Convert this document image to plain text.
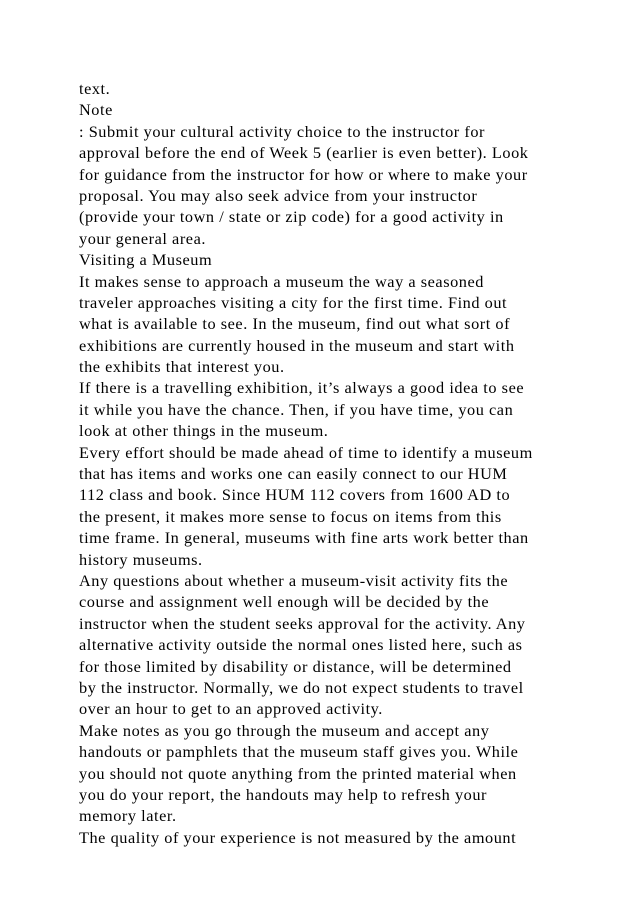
text.
Note
: Submit your cultural activity choice to the instructor for
approval before the end of Week 5 (earlier is even better). Look
for guidance from the instructor for how or where to make your
proposal. You may also seek advice from your instructor
(provide your town / state or zip code) for a good activity in
your general area.
Visiting a Museum
It makes sense to approach a museum the way a seasoned
traveler approaches visiting a city for the first time. Find out
what is available to see. In the museum, find out what sort of
exhibitions are currently housed in the museum and start with
the exhibits that interest you.
If there is a travelling exhibition, it’s always a good idea to see
it while you have the chance. Then, if you have time, you can
look at other things in the museum.
Every effort should be made ahead of time to identify a museum
that has items and works one can easily connect to our HUM
112 class and book. Since HUM 112 covers from 1600 AD to
the present, it makes more sense to focus on items from this
time frame. In general, museums with fine arts work better than
history museums.
Any questions about whether a museum-visit activity fits the
course and assignment well enough will be decided by the
instructor when the student seeks approval for the activity. Any
alternative activity outside the normal ones listed here, such as
for those limited by disability or distance, will be determined
by the instructor. Normally, we do not expect students to travel
over an hour to get to an approved activity.
Make notes as you go through the museum and accept any
handouts or pamphlets that the museum staff gives you. While
you should not quote anything from the printed material when
you do your report, the handouts may help to refresh your
memory later.
The quality of your experience is not measured by the amount
